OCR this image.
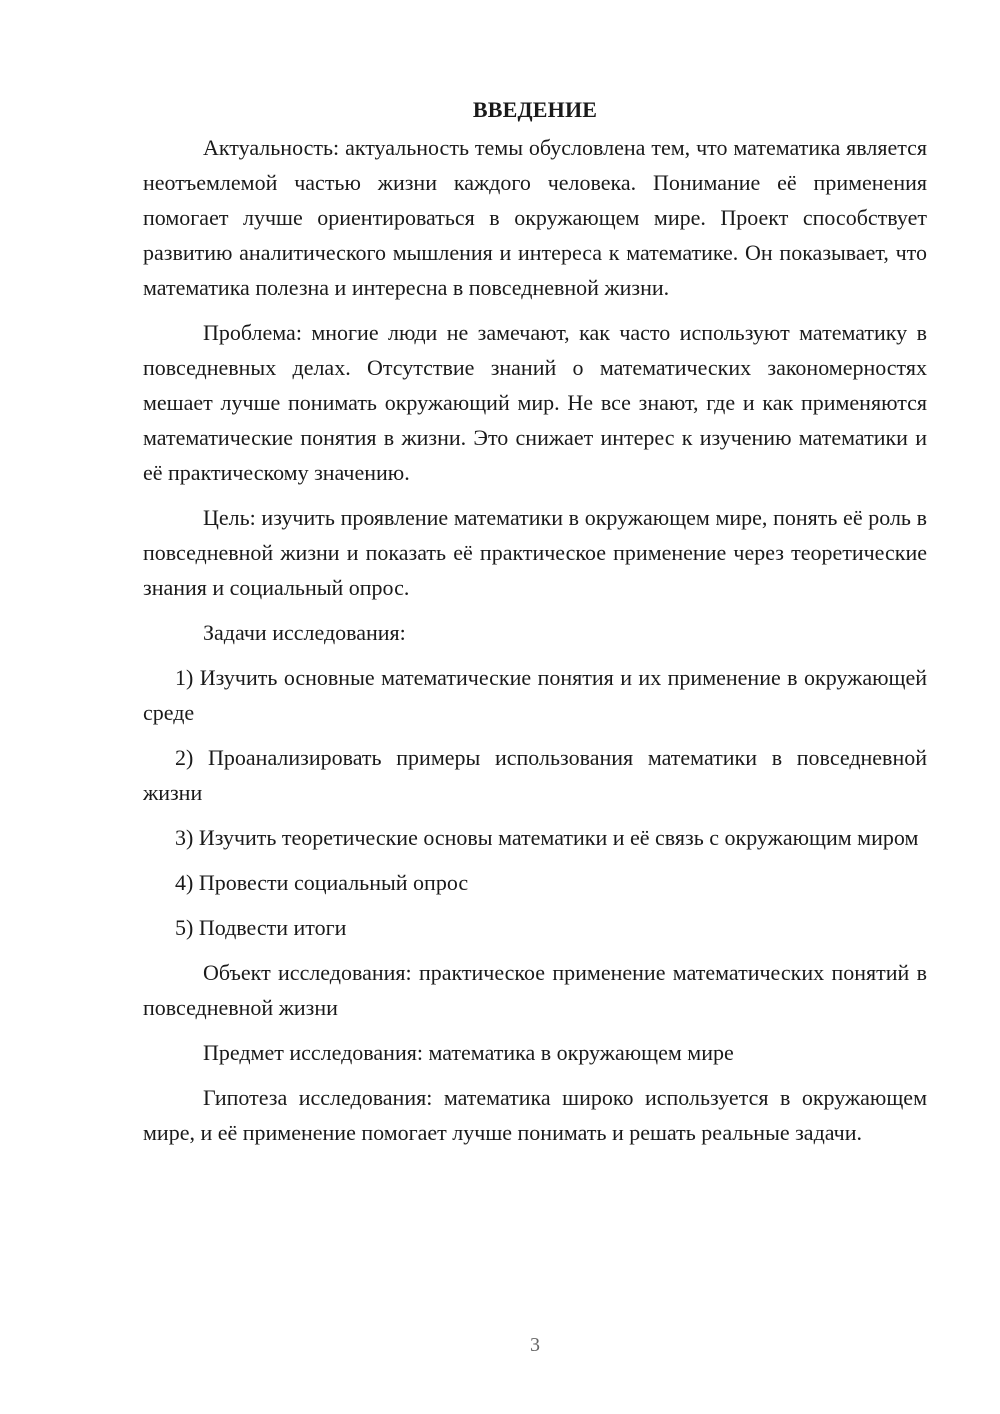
ВВЕДЕНИЕ

Актуальность: актуальность темы обусловлена тем, что математика является неотъемлемой частью жизни каждого человека. Понимание её применения помогает лучше ориентироваться в окружающем мире. Проект способствует развитию аналитического мышления и интереса к математике. Он показывает, что математика полезна и интересна в повседневной жизни.

Проблема: многие люди не замечают, как часто используют математику в повседневных делах. Отсутствие знаний о математических закономерностях мешает лучше понимать окружающий мир. Не все знают, где и как применяются математические понятия в жизни. Это снижает интерес к изучению математики и её практическому значению.

Цель: изучить проявление математики в окружающем мире, понять её роль в повседневной жизни и показать её практическое применение через теоретические знания и социальный опрос.

Задачи исследования:

1) Изучить основные математические понятия и их применение в окружающей среде

2) Проанализировать примеры использования математики в повседневной жизни

3) Изучить теоретические основы математики и её связь с окружающим миром

4) Провести социальный опрос

5) Подвести итоги

Объект исследования: практическое применение математических понятий в повседневной жизни

Предмет исследования: математика в окружающем мире

Гипотеза исследования: математика широко используется в окружающем мире, и её применение помогает лучше понимать и решать реальные задачи.

3
